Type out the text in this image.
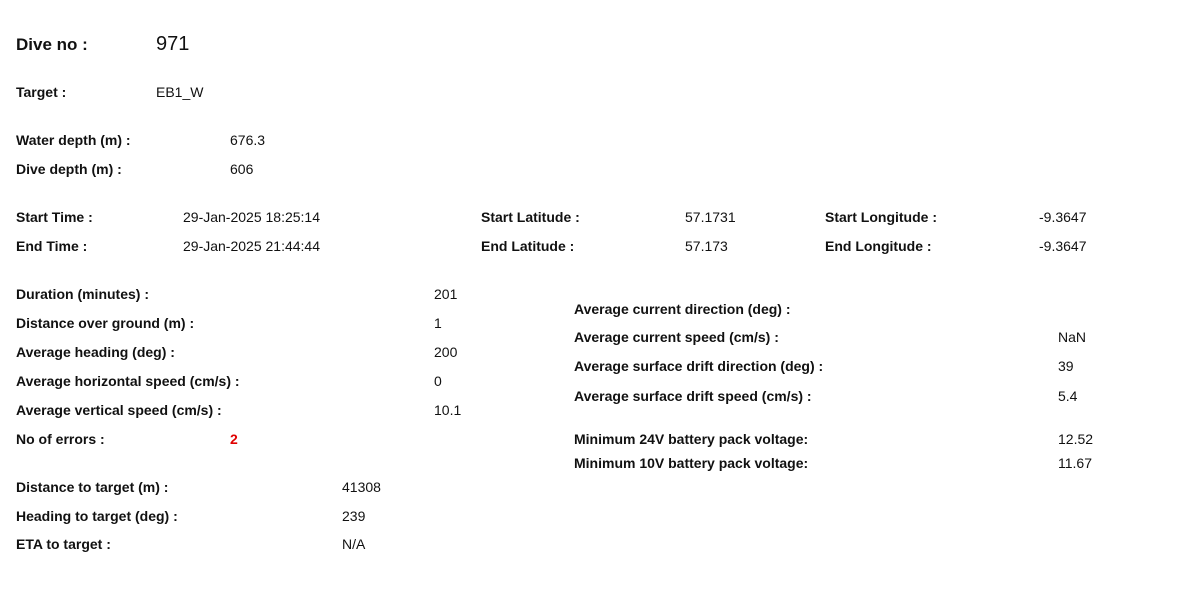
Dive no :	971
Target :	EB1_W
Water depth (m) :	676.3
Dive depth (m) :	606
Start Time :	29-Jan-2025 18:25:14
End Time :	29-Jan-2025 21:44:44
Start Latitude :	57.1731
End Latitude :	57.173
Start Longitude :	-9.3647
End Longitude :	-9.3647
Duration (minutes) :	201
Distance over ground (m) :	1
Average heading (deg) :	200
Average horizontal speed (cm/s) :	0
Average vertical speed (cm/s) :	10.1
No of errors :	2
Average current direction (deg) :
Average current speed (cm/s) :	NaN
Average surface drift direction (deg) :	39
Average surface drift speed (cm/s) :	5.4
Minimum 24V battery pack voltage:	12.52
Minimum 10V battery pack voltage:	11.67
Distance to target (m) :	41308
Heading to target (deg) :	239
ETA to target :	N/A
